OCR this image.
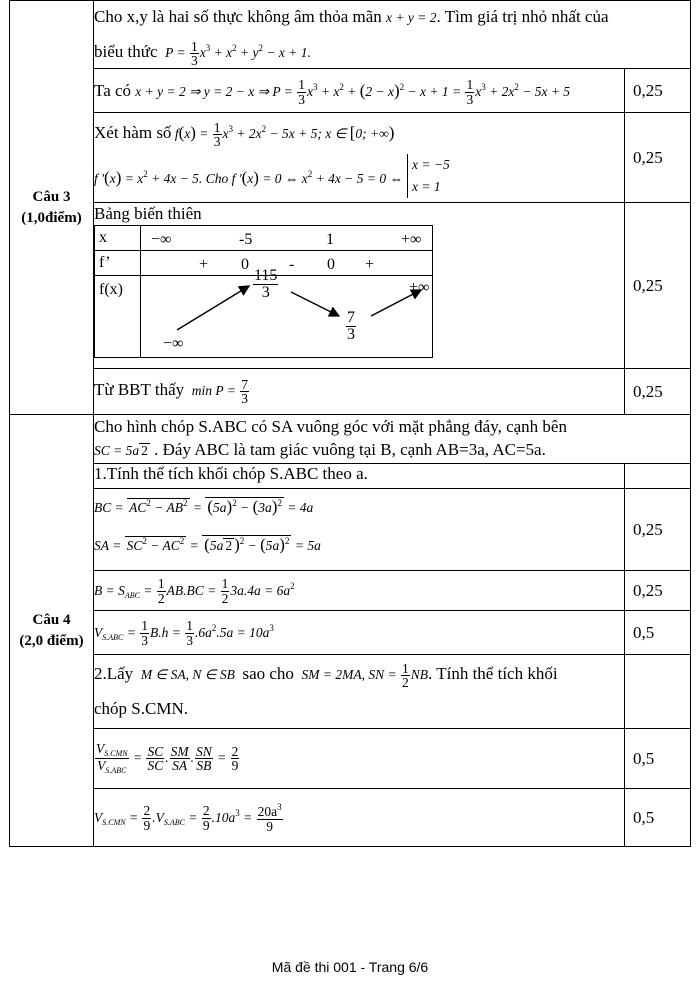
Câu 3
(1,0điểm)
	Cho x,y là hai số thực không âm thỏa mãn x + y = 2. Tìm giá trị nhỏ nhất của
biểu thức  $P = \frac{1}{3} x^3 + x^2 + y^2 - x + 1$.
Ta có x + y = 2 ⇒ y = 2 − x ⇒ $P = \frac{1}{3} x^3 + x^2 + (2 - x)^2 - x + 1 = \frac{1}{3} x^3 + 2x^2 - 5x + 5$	0,25

Xét hàm số $f(x) = \frac{1}{3} x^3 + 2x^2 - 5x + 5$; x ∈ [0; +∞)
f '$(x) = x^2 + 4x - 5$. Cho f '(x) = 0 ⇔ $x^2 + 4x - 5 = 0$ ⇔
x = −5
x = 1
	0,25

Bảng biến thiên
x	−∞	-5	1	+∞

f’	+ 0	- 0 +

f(x)	
−∞
$\frac{115}{3}$
$\frac{7}{3}$
+∞
		0,25
Từ BBT thấy  $\min P = \frac{7}{3}$	0,25

Câu 4
(2,0 điểm)
	Cho hình chóp S.ABC có SA vuông góc với mặt phẳng đáy, cạnh bên
SC = 5a 2 . Đáy ABC là tam giác vuông tại B, cạnh AB=3a, AC=5a.
1.Tính thể tích khối chóp S.ABC theo a.	

BC = $AC^2 - AB^2 = (5a)^2 - (3a)^2 = 4a$
SA = $SC^2 - AC^2 = (5a$ 2 )$^2 - (5a)^2 = 5a$
	0,25
$B = S_{ABC} = \frac{1}{2} AB.BC = \frac{1}{2} 3a.4a = 6a^2$	0,25
$V_{S.ABC} = \frac{1}{3} B.h = \frac{1}{3} .6a^2.5a = 10a^3$	0,5
2.Lấy  M ∈ SA, N ∈ SB  sao cho  SM = 2MA, SN = $\frac{1}{2}$ NB. Tính thể tích khối
chóp S.CMN.	

$\frac{V_{S.CMN}}{V_{S.ABC}} = \frac{SC}{SC}$ . $\frac{SM}{SA}$ . $\frac{SN}{SB} = \frac{2}{9}$	0,5
$V_{S.CMN} = \frac{2}{9} .V_{S.ABC} = \frac{2}{9} .10a^3 = \frac{20a^3}{9}$	0,5
Mã đề thi 001 - Trang 6/6
